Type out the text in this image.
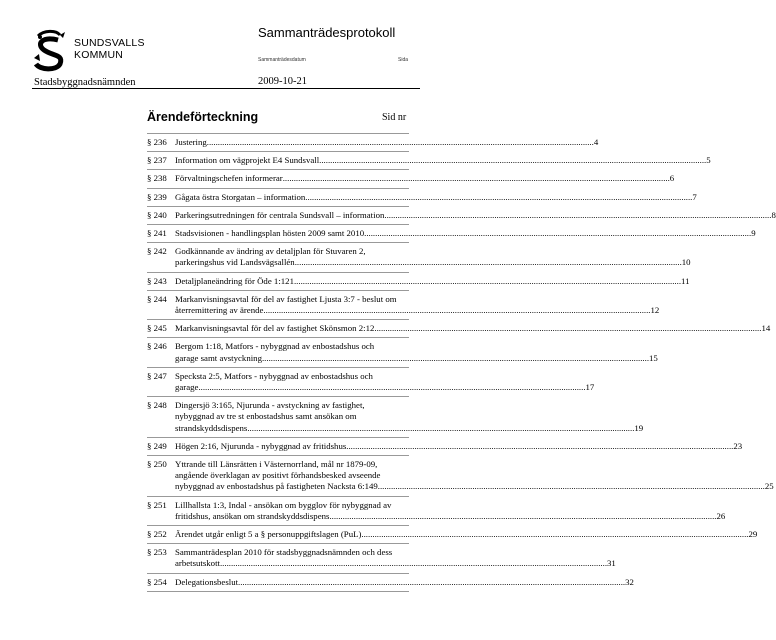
SUNDSVALLS
KOMMUN
Stadsbyggnadsnämnden
Sammanträdesprotokoll
Sammanträdesdatum	Sida
2009-10-21
Ärendeförteckning	Sid nr
§ 236 Justering .....	4
§ 237 Information om vägprojekt E4 Sundsvall .....	5
§ 238 Förvaltningschefen informerar .....	6
§ 239 Gågata östra Storgatan – information .....	7
§ 240 Parkeringsutredningen för centrala Sundsvall – information .....	8
§ 241 Stadsvisionen - handlingsplan hösten 2009 samt 2010 .....	9
§ 242 Godkännande av ändring av detaljplan för Stuvaren 2,
parkeringshus vid Landsvägsallén .....	10
§ 243 Detaljplaneändring för Öde 1:121 .....	11
§ 244 Markanvisningsavtal för del av fastighet Ljusta 3:7 - beslut om
återremittering av ärende .....	12
§ 245 Markanvisningsavtal för del av fastighet Skönsmon 2:12 .....	14
§ 246 Bergom 1:18, Matfors - nybyggnad av enbostadshus och
garage samt avstyckning .....	15
§ 247 Specksta 2:5, Matfors - nybyggnad av enbostadshus och
garage .....	17
§ 248 Dingersjö 3:165, Njurunda - avstyckning av fastighet,
nybyggnad av tre st enbostadshus samt ansökan om
strandskyddsdispens .....	19
§ 249 Högen 2:16, Njurunda - nybyggnad av fritidshus .....	23
§ 250 Yttrande till Länsrätten i Västernorrland, mål nr 1879-09,
angående överklagan av positivt förhandsbesked avseende
nybyggnad av enbostadshus på fastigheten Nacksta 6:149 .....	25
§ 251 Lillhallsta 1:3, Indal - ansökan om bygglov för nybyggnad av
fritidshus, ansökan om strandskyddsdispens .....	26
§ 252 Ärendet utgår enligt 5 a § personuppgiftslagen (PuL) .....	29
§ 253 Sammanträdesplan 2010 för stadsbyggnadsnämnden och dess
arbetsutskott .....	31
§ 254 Delegationsbeslut .....	32
